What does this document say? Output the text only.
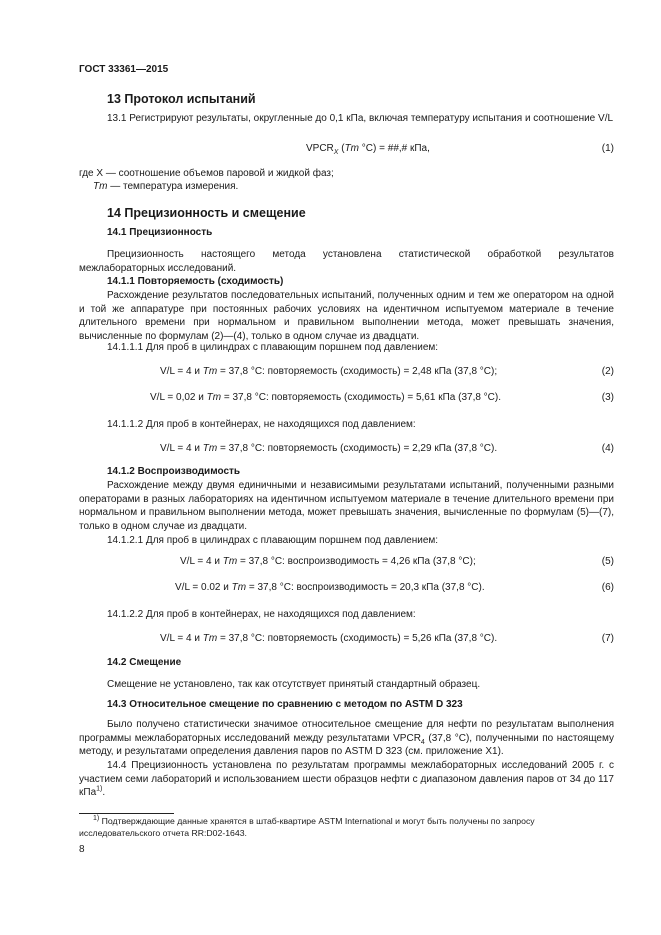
ГОСТ 33361—2015
13 Протокол испытаний
13.1 Регистрируют результаты, округленные до 0,1 кПа, включая температуру испытания и соотношение V/L
$VPCR_X$ (Tm °C) = ##,# кПа,	(1)
где X — соотношение объемов паровой и жидкой фаз;
Tm — температура измерения.
14 Прецизионность и смещение
14.1 Прецизионность
Прецизионность настоящего метода установлена статистической обработкой результатов межлабораторных исследований.
14.1.1 Повторяемость (сходимость)
Расхождение результатов последовательных испытаний, полученных одним и тем же оператором на одной и той же аппаратуре при постоянных рабочих условиях на идентичном испытуемом материале в течение длительного времени при нормальном и правильном выполнении метода, может превышать значения, вычисленные по формулам (2)—(4), только в одном случае из двадцати.
14.1.1.1 Для проб в цилиндрах с плавающим поршнем под давлением:
V/L = 4 и Tm = 37,8 °С: повторяемость (сходимость) = 2,48 кПа (37,8 °С);	(2)
V/L = 0,02 и Tm = 37,8 °С: повторяемость (сходимость) = 5,61 кПа (37,8 °С).	(3)
14.1.1.2 Для проб в контейнерах, не находящихся под давлением:
V/L = 4 и Tm = 37,8 °С: повторяемость (сходимость) = 2,29 кПа (37,8 °С).	(4)
14.1.2 Воспроизводимость
Расхождение между двумя единичными и независимыми результатами испытаний, полученными разными операторами в разных лабораториях на идентичном испытуемом материале в течение длительного времени при нормальном и правильном выполнении метода, может превышать значения, вычисленные по формулам (5)—(7), только в одном случае из двадцати.
14.1.2.1 Для проб в цилиндрах с плавающим поршнем под давлением:
V/L = 4 и Tm = 37,8 °С: воспроизводимость = 4,26 кПа (37,8 °С);	(5)
V/L = 0.02 и Tm = 37,8 °С: воспроизводимость = 20,3 кПа (37,8 °С).	(6)
14.1.2.2 Для проб в контейнерах, не находящихся под давлением:
V/L = 4 и Tm = 37,8 °С: повторяемость (сходимость) = 5,26 кПа (37,8 °С).	(7)
14.2 Смещение
Смещение не установлено, так как отсутствует принятый стандартный образец.
14.3 Относительное смещение по сравнению с методом по ASTM D 323
Было получено статистически значимое относительное смещение для нефти по результатам выполнения программы межлабораторных исследований между результатами $VPCR_4$ (37,8 °С), полученными по настоящему методу, и результатами определения давления паров по ASTM D 323 (см. приложение X1).
14.4 Прецизионность установлена по результатам программы межлабораторных исследований 2005 г. с участием семи лабораторий и использованием шести образцов нефти с диапазоном давления паров от 34 до 117 кПа$^{1)}$.
$^{1)}$ Подтверждающие данные хранятся в штаб-квартире ASTM International и могут быть получены по запросу исследовательского отчета RR:D02-1643.
8
